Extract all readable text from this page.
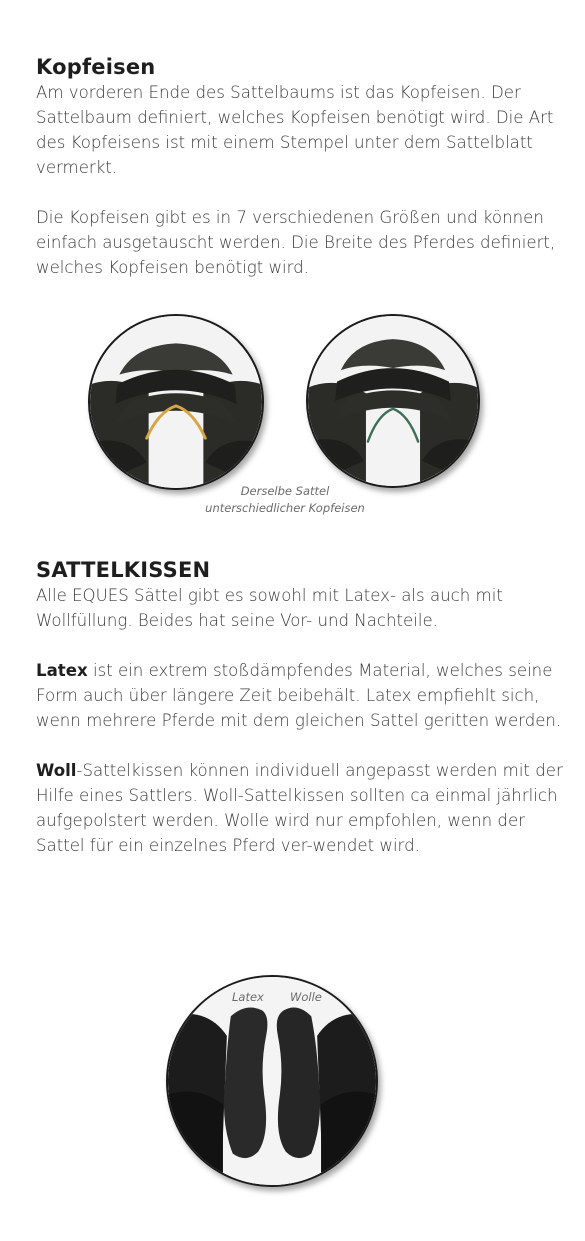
Kopfeisen

Am vorderen Ende des Sattelbaums ist das Kopfeisen. Der Sattelbaum definiert, welches Kopfeisen benötigt wird. Die Art des Kopfeisens ist mit einem Stempel unter dem Sattelblatt vermerkt.

Die Kopfeisen gibt es in 7 verschiedenen Größen und können einfach ausgetauscht werden. Die Breite des Pferdes definiert, welches Kopfeisen benötigt wird.

Derselbe Sattel
unterschiedlicher Kopfeisen
SATTELKISSEN

Alle EQUES Sättel gibt es sowohl mit Latex- als auch mit Wollfüllung. Beides hat seine Vor- und Nachteile.

Latex ist ein extrem stoßdämpfendes Material, welches seine Form auch über längere Zeit beibehält. Latex empfiehlt sich, wenn mehrere Pferde mit dem gleichen Sattel geritten werden.

Woll-Sattelkissen können individuell angepasst werden mit der Hilfe eines Sattlers. Woll-Sattelkissen sollten ca einmal jährlich aufgepolstert werden. Wolle wird nur empfohlen, wenn der Sattel für ein einzelnes Pferd ver-wendet wird.

Latex	Wolle
